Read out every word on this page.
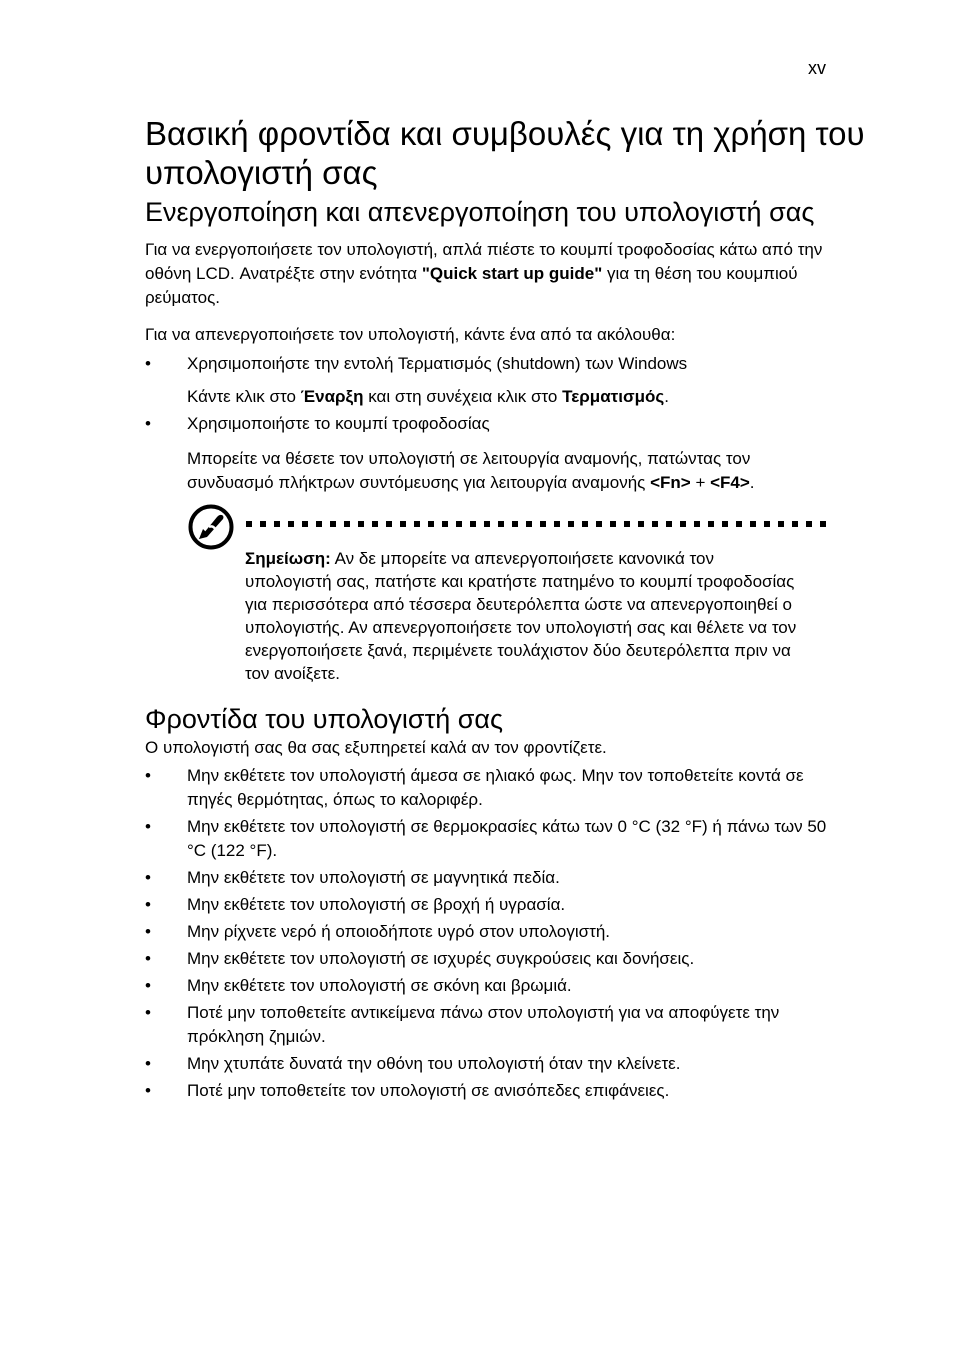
xv
Βασική φροντίδα και συμβουλές για τη χρήση του υπολογιστή σας
Ενεργοποίηση και απενεργοποίηση του υπολογιστή σας

Για να ενεργοποιήσετε τον υπολογιστή, απλά πιέστε το κουμπί τροφοδοσίας κάτω από την οθόνη LCD. Ανατρέξτε στην ενότητα "Quick start up guide" για τη θέση του κουμπιού ρεύματος.

Για να απενεργοποιήσετε τον υπολογιστή, κάντε ένα από τα ακόλουθα:

• Χρησιμοποιήστε την εντολή Τερματισμός (shutdown) των Windows

Κάντε κλικ στο Έναρξη και στη συνέχεια κλικ στο Τερματισμός.

• Χρησιμοποιήστε το κουμπί τροφοδοσίας

Μπορείτε να θέσετε τον υπολογιστή σε λειτουργία αναμονής, πατώντας τον συνδυασμό πλήκτρων συντόμευσης για λειτουργία αναμονής <Fn> + <F4>.

Σημείωση: Αν δε μπορείτε να απενεργοποιήσετε κανονικά τον υπολογιστή σας, πατήστε και κρατήστε πατημένο το κουμπί τροφοδοσίας για περισσότερα από τέσσερα δευτερόλεπτα ώστε να απενεργοποιηθεί ο υπολογιστής. Αν απενεργοποιήσετε τον υπολογιστή σας και θέλετε να τον ενεργοποιήσετε ξανά, περιμένετε τουλάχιστον δύο δευτερόλεπτα πριν να τον ανοίξετε.

Φροντίδα του υπολογιστή σας

Ο υπολογιστή σας θα σας εξυπηρετεί καλά αν τον φροντίζετε.

• Μην εκθέτετε τον υπολογιστή άμεσα σε ηλιακό φως. Μην τον τοποθετείτε κοντά σε πηγές θερμότητας, όπως το καλοριφέρ.
• Μην εκθέτετε τον υπολογιστή σε θερμοκρασίες κάτω των 0 °C (32 °F) ή πάνω των 50 °C (122 °F).
• Μην εκθέτετε τον υπολογιστή σε μαγνητικά πεδία.
• Μην εκθέτετε τον υπολογιστή σε βροχή ή υγρασία.
• Μην ρίχνετε νερό ή οποιοδήποτε υγρό στον υπολογιστή.
• Μην εκθέτετε τον υπολογιστή σε ισχυρές συγκρούσεις και δονήσεις.
• Μην εκθέτετε τον υπολογιστή σε σκόνη και βρωμιά.
• Ποτέ μην τοποθετείτε αντικείμενα πάνω στον υπολογιστή για να αποφύγετε την πρόκληση ζημιών.
• Μην χτυπάτε δυνατά την οθόνη του υπολογιστή όταν την κλείνετε.
• Ποτέ μην τοποθετείτε τον υπολογιστή σε ανισόπεδες επιφάνειες.
